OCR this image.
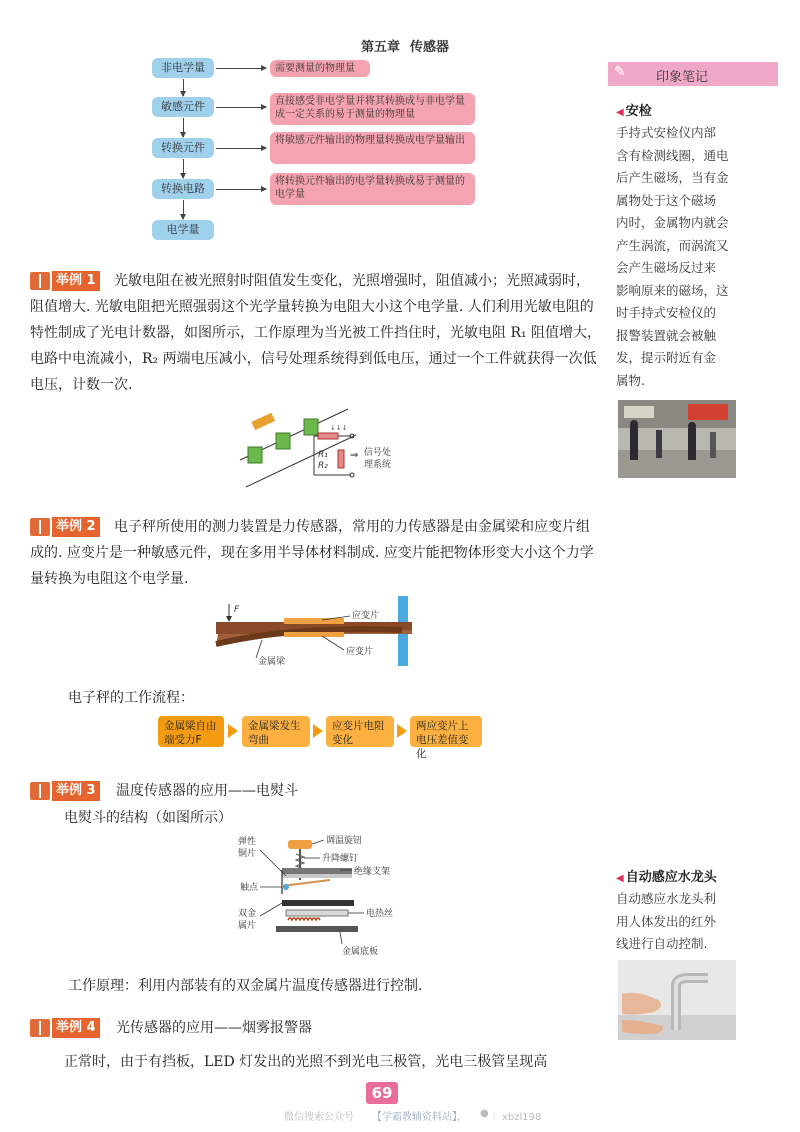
第五章 传感器
非电学量
敏感元件
转换元件
转换电路
电学量
需要测量的物理量
直接感受非电学量并将其转换成与非电学量成一定关系的易于测量的物理量
将敏感元件输出的物理量转换成电学量输出
将转换元件输出的电学量转换成易于测量的电学量
举例 1	光敏电阻在被光照射时阻值发生变化，光照增强时，阻值减小；光照减弱时，阻值增大. 光敏电阻把光照强弱这个光学量转换为电阻大小这个电学量. 人们利用光敏电阻的特性制成了光电计数器，如图所示，工作原理为当光被工件挡住时，光敏电阻 R₁ 阻值增大，电路中电流减小，R₂ 两端电压减小，信号处理系统得到低电压，通过一个工件就获得一次低电压，计数一次.
↓↓↓
R₁
R₂
⇒ 信号处
理系统
举例 2	电子秤所使用的测力装置是力传感器，常用的力传感器是由金属梁和应变片组成的. 应变片是一种敏感元件，现在多用半导体材料制成. 应变片能把物体形变大小这个力学量转换为电阻这个电学量.
F
应变片
应变片
金属梁
电子秤的工作流程：
金属梁自由端受力F
金属梁发生弯曲
应变片电阻变化
两应变片上电压差值变化
举例 3 温度传感器的应用——电熨斗
电熨斗的结构（如图所示）
调温旋钮
升降螺钉
绝缘支架
弹性
铜片
触点
双金
属片
电热丝
金属底板
工作原理：利用内部装有的双金属片温度传感器进行控制.
举例 4 光传感器的应用——烟雾报警器
正常时，由于有挡板，LED 灯发出的光照不到光电三极管，光电三极管呈现高
✎ 印象笔记
◀ 安检
手持式安检仪内部
含有检测线圈，通电
后产生磁场，当有金
属物处于这个磁场
内时，金属物内就会
产生涡流，而涡流又
会产生磁场反过来
影响原来的磁场，这
时手持式安检仪的
报警装置就会被触
发，提示附近有金
属物.
◀ 自动感应水龙头
自动感应水龙头利
用人体发出的红外
线进行自动控制.
69
微信搜索公众号 【学霸教辅资料站】， ● ：xbzl198
